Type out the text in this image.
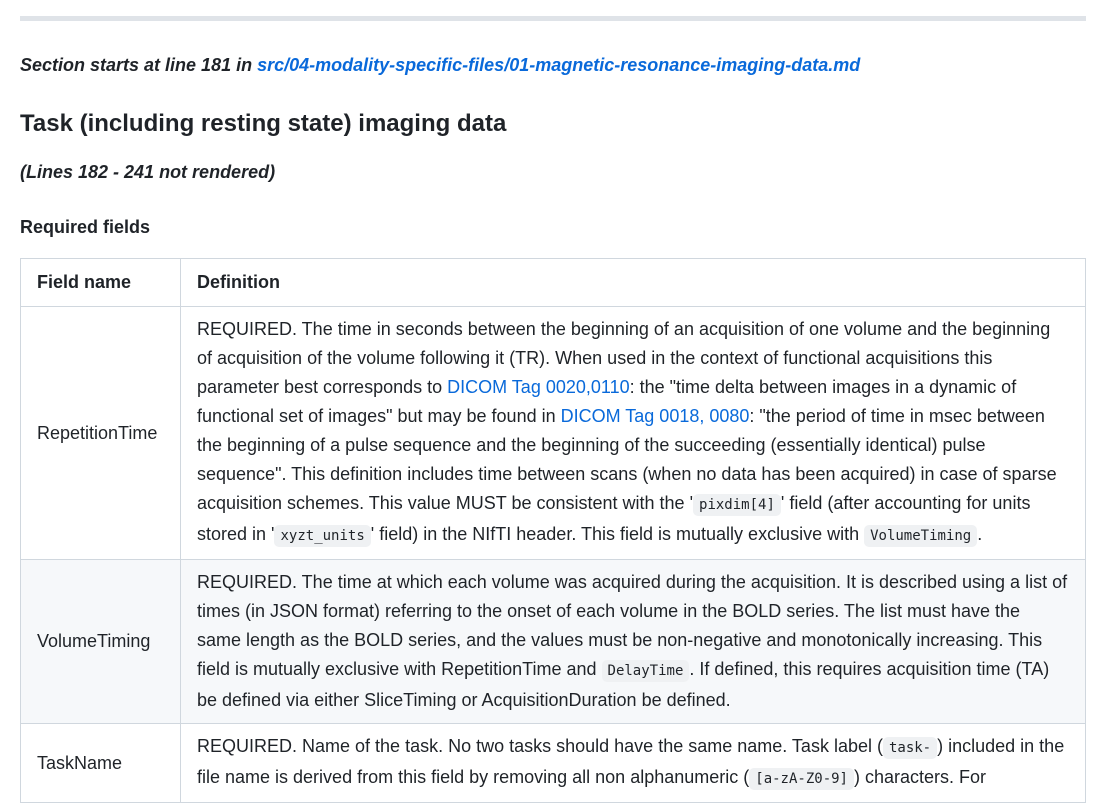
Section starts at line 181 in src/04-modality-specific-files/01-magnetic-resonance-imaging-data.md
Task (including resting state) imaging data
(Lines 182 - 241 not rendered)
Required fields
Field name	Definition
RepetitionTime	REQUIRED. The time in seconds between the beginning of an acquisition of one volume and the beginning of acquisition of the volume following it (TR). When used in the context of functional acquisitions this parameter best corresponds to DICOM Tag 0020,0110: the "time delta between images in a dynamic of functional set of images" but may be found in DICOM Tag 0018, 0080: "the period of time in msec between the beginning of a pulse sequence and the beginning of the succeeding (essentially identical) pulse sequence". This definition includes time between scans (when no data has been acquired) in case of sparse acquisition schemes. This value MUST be consistent with the ' pixdim[4] ' field (after accounting for units stored in ' xyzt_units ' field) in the NIfTI header. This field is mutually exclusive with VolumeTiming .
VolumeTiming	REQUIRED. The time at which each volume was acquired during the acquisition. It is described using a list of times (in JSON format) referring to the onset of each volume in the BOLD series. The list must have the same length as the BOLD series, and the values must be non-negative and monotonically increasing. This field is mutually exclusive with RepetitionTime and DelayTime . If defined, this requires acquisition time (TA) be defined via either SliceTiming or AcquisitionDuration be defined.
TaskName	REQUIRED. Name of the task. No two tasks should have the same name. Task label ( task- ) included in the file name is derived from this field by removing all non alphanumeric ( [a-zA-Z0-9] ) characters. For
